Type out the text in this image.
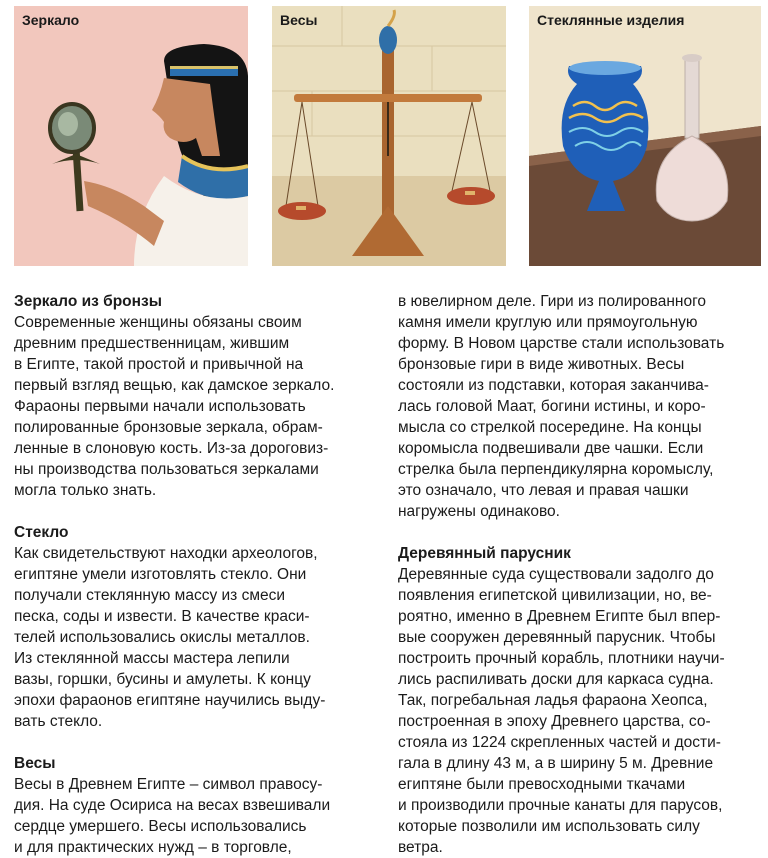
Зеркало	Весы	Стеклянные изделия
Зеркало из бронзы

Современные женщины обязаны своим
древним предшественницам, жившим
в Египте, такой простой и привычной на
первый взгляд вещью, как дамское зеркало.
Фараоны первыми начали использовать
полированные бронзовые зеркала, обрам-
ленные в слоновую кость. Из-за дороговиз-
ны производства пользоваться зеркалами
могла только знать.

Стекло

Как свидетельствуют находки археологов,
египтяне умели изготовлять стекло. Они
получали стеклянную массу из смеси
песка, соды и извести. В качестве краси-
телей использовались окислы металлов.
Из стеклянной массы мастера лепили
вазы, горшки, бусины и амулеты. К концу
эпохи фараонов египтяне научились выду-
вать стекло.

Весы

Весы в Древнем Египте – символ правосу-
дия. На суде Осириса на весах взвешивали
сердце умершего. Весы использовались
и для практических нужд – в торговле,

в ювелирном деле. Гири из полированного
камня имели круглую или прямоугольную
форму. В Новом царстве стали использовать
бронзовые гири в виде животных. Весы
состояли из подставки, которая заканчива-
лась головой Маат, богини истины, и коро-
мысла со стрелкой посередине. На концы
коромысла подвешивали две чашки. Если
стрелка была перпендикулярна коромыслу,
это означало, что левая и правая чашки
нагружены одинаково.

Деревянный парусник

Деревянные суда существовали задолго до
появления египетской цивилизации, но, ве-
роятно, именно в Древнем Египте был впер-
вые сооружен деревянный парусник. Чтобы
построить прочный корабль, плотники научи-
лись распиливать доски для каркаса судна.
Так, погребальная ладья фараона Хеопса,
построенная в эпоху Древнего царства, со-
стояла из 1224 скрепленных частей и дости-
гала в длину 43 м, а в ширину 5 м. Древние
египтяне были превосходными ткачами
и производили прочные канаты для парусов,
которые позволили им использовать силу
ветра.
